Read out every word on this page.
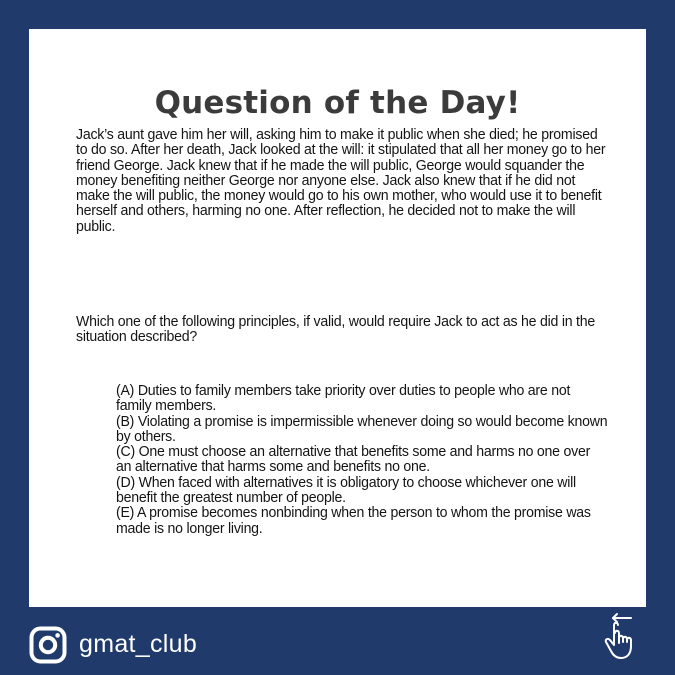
Question of the Day!

Jack’s aunt gave him her will, asking him to make it public when she died; he promised to do so. After her death, Jack looked at the will: it stipulated that all her money go to her friend George. Jack knew that if he made the will public, George would squander the money benefiting neither George nor anyone else. Jack also knew that if he did not make the will public, the money would go to his own mother, who would use it to benefit herself and others, harming no one. After reflection, he decided not to make the will public.

Which one of the following principles, if valid, would require Jack to act as he did in the situation described?

(A) Duties to family members take priority over duties to people who are not family members.
(B) Violating a promise is impermissible whenever doing so would become known by others.
(C) One must choose an alternative that benefits some and harms no one over an alternative that harms some and benefits no one.
(D) When faced with alternatives it is obligatory to choose whichever one will benefit the greatest number of people.
(E) A promise becomes nonbinding when the person to whom the promise was made is no longer living.
gmat_club
